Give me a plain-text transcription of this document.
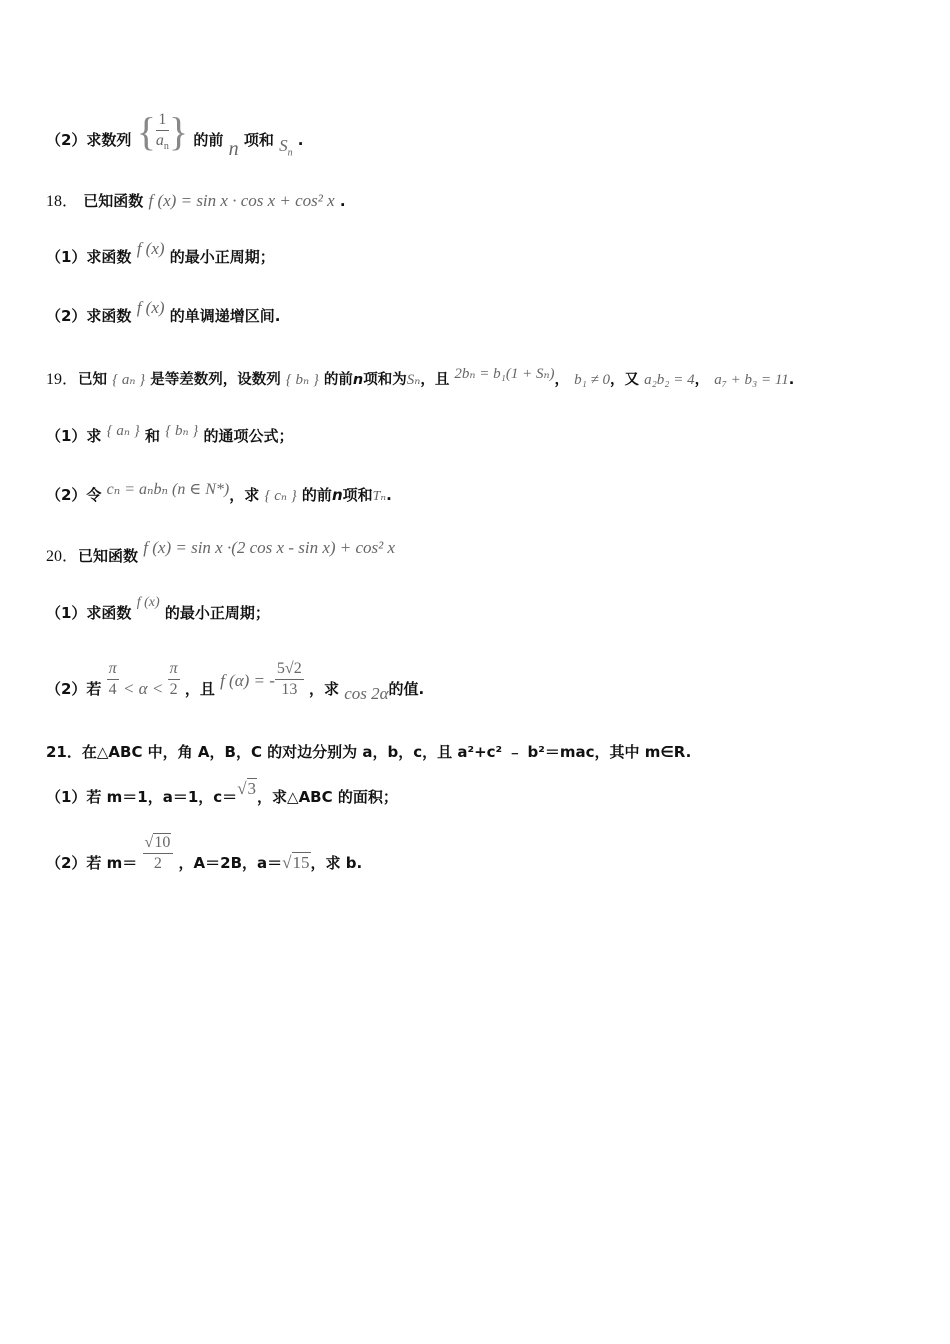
（2）求数列 { $\frac{1}{a_n}$ } 的前 n 项和 $S_n$ .
18． 已知函数 f (x) = sin x · cos x + cos² x .
（1）求函数 f (x) 的最小正周期；
（2）求函数 f (x) 的单调递增区间.
19．已知 { aₙ } 是等差数列，设数列 { bₙ } 的前n项和为Sₙ，且 2bₙ = b₁(1 + Sₙ)， b₁ ≠ 0，又 a₂b₂ = 4， a₇ + b₃ = 11.
（1）求 { aₙ } 和 { bₙ } 的通项公式；
（2）令 cₙ = aₙbₙ (n ∈ N*)，求 { cₙ } 的前n项和Tₙ.
20．已知函数 f (x) = sin x ·(2 cos x - sin x) + cos² x
（1）求函数 f (x) 的最小正周期；
（2）若 $\frac{\pi}{4} < \alpha < \frac{\pi}{2}$ ，且 f (α) = - $\frac{5√2}{13}$ ，求 cos 2α的值.
21．在△ABC 中，角 A，B，C 的对边分别为 a，b，c，且 a²+c² ﹣ b²＝mac，其中 m∈R.
（1）若 m＝1，a＝1，c＝√3，求△ABC 的面积；
（2）若 $m= \frac{√10}{2}$ ，A＝2B，a＝√15，求 b.
